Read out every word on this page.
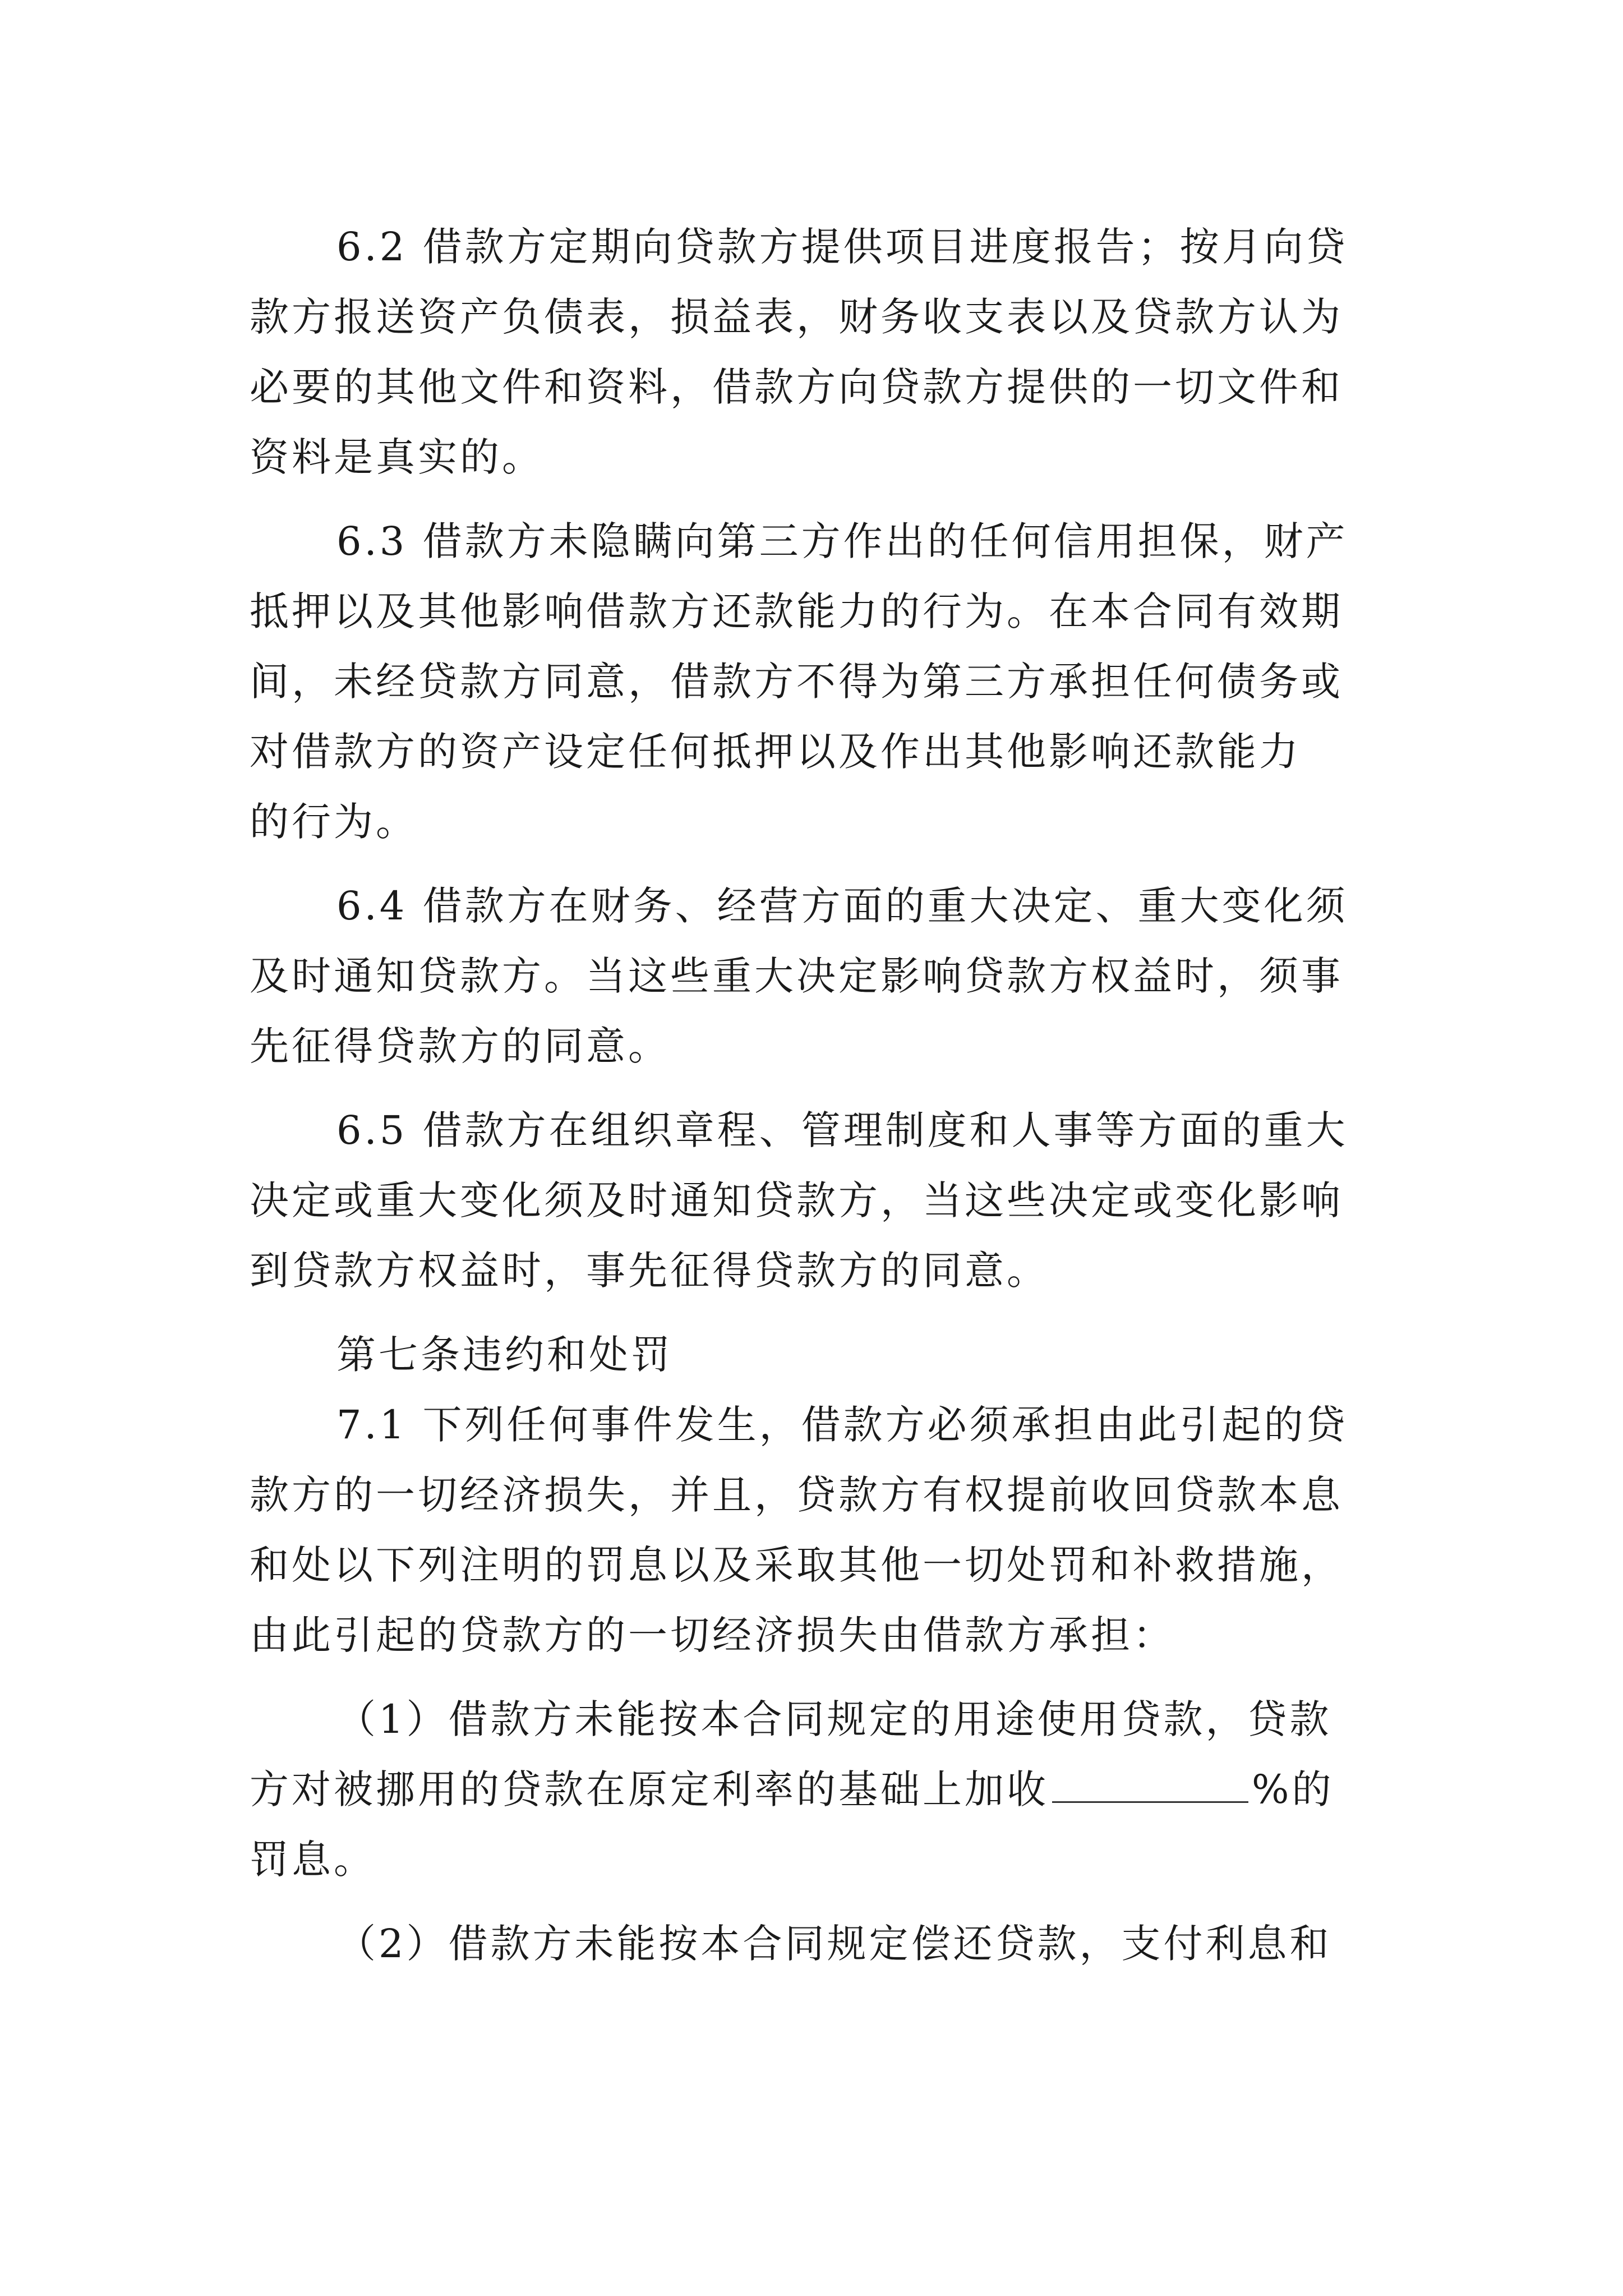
6.2 借款方定期向贷款方提供项目进度报告；按月向贷
款方报送资产负债表，损益表，财务收支表以及贷款方认为
必要的其他文件和资料，借款方向贷款方提供的一切文件和
资料是真实的。
6.3 借款方未隐瞒向第三方作出的任何信用担保，财产
抵押以及其他影响借款方还款能力的行为。在本合同有效期
间，未经贷款方同意，借款方不得为第三方承担任何债务或
对借款方的资产设定任何抵押以及作出其他影响还款能力
的行为。
6.4 借款方在财务、经营方面的重大决定、重大变化须
及时通知贷款方。当这些重大决定影响贷款方权益时，须事
先征得贷款方的同意。
6.5 借款方在组织章程、管理制度和人事等方面的重大
决定或重大变化须及时通知贷款方，当这些决定或变化影响
到贷款方权益时，事先征得贷款方的同意。
第七条违约和处罚
7.1 下列任何事件发生，借款方必须承担由此引起的贷
款方的一切经济损失，并且，贷款方有权提前收回贷款本息
和处以下列注明的罚息以及采取其他一切处罚和补救措施，
由此引起的贷款方的一切经济损失由借款方承担：
（1）借款方未能按本合同规定的用途使用贷款，贷款
方对被挪用的贷款在原定利率的基础上加收	%的
罚息。
（2）借款方未能按本合同规定偿还贷款，支付利息和
